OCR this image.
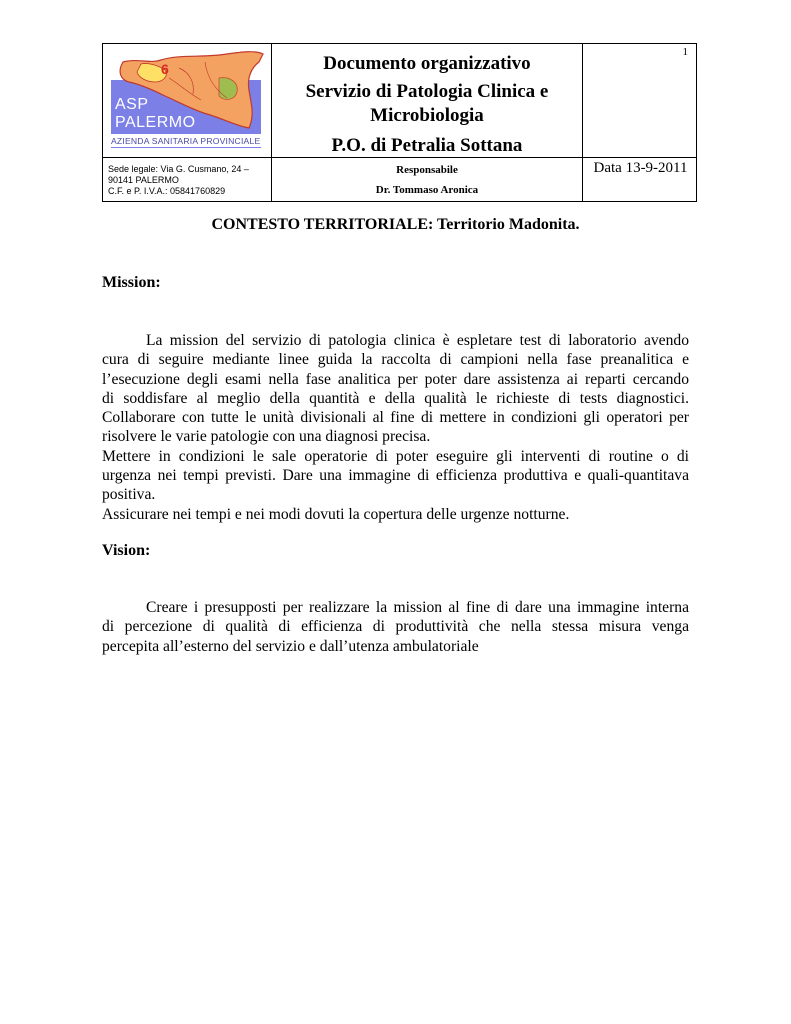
6
ASP
PALERMO
AZIENDA SANITARIA PROVINCIALE
Documento organizzativo
Servizio di Patologia Clinica e
Microbiologia
P.O. di Petralia Sottana
1
Sede legale: Via G. Cusmano, 24 –
90141 PALERMO
C.F. e P. I.V.A.: 05841760829
Responsabile
Dr. Tommaso Aronica
Data 13-9-2011
CONTESTO TERRITORIALE: Territorio Madonita.
Mission:
La mission del servizio di patologia clinica è espletare test di laboratorio avendo
cura di seguire mediante linee guida la raccolta di campioni nella fase preanalitica e
l’esecuzione degli esami nella fase analitica per poter dare assistenza ai reparti cercando
di soddisfare al meglio della quantità e della qualità le richieste di tests diagnostici.
Collaborare con tutte le unità divisionali al fine di mettere in condizioni gli operatori per
risolvere le varie patologie con una diagnosi precisa.
Mettere in condizioni le sale operatorie di poter eseguire gli interventi di routine o di
urgenza nei tempi previsti. Dare una immagine di efficienza produttiva e quali-quantitava
positiva.
Assicurare nei tempi e nei modi dovuti la copertura delle urgenze notturne.
Vision:
Creare i presupposti per realizzare la mission al fine di dare una immagine interna
di percezione di qualità di efficienza di produttività che nella stessa misura venga
percepita all’esterno del servizio e dall’utenza ambulatoriale
